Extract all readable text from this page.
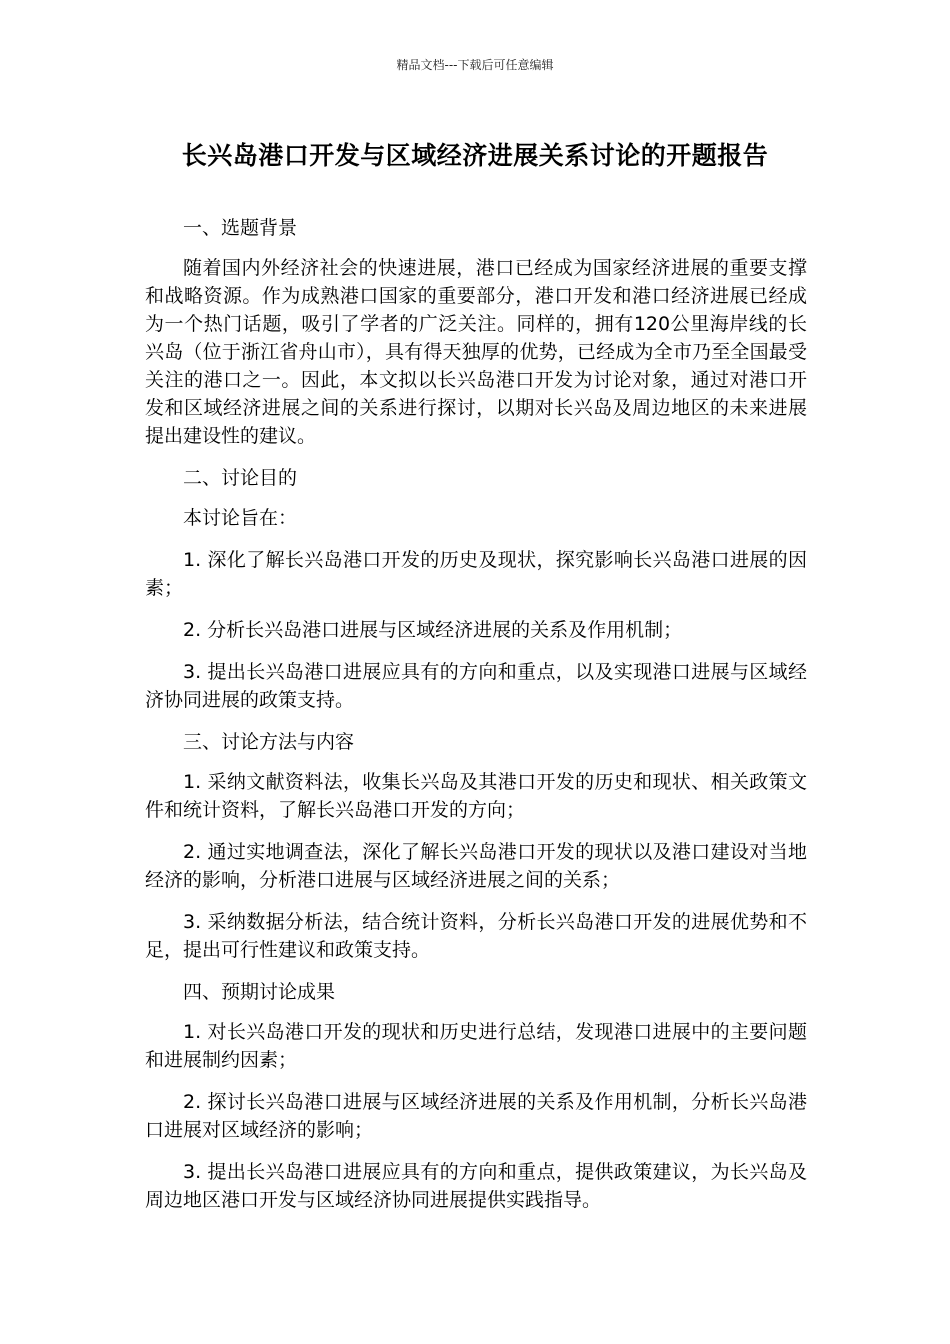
精品文档---下载后可任意编辑
长兴岛港口开发与区域经济进展关系讨论的开题报告

一、选题背景

随着国内外经济社会的快速进展，港口已经成为国家经济进展的重要支撑和战略资源。作为成熟港口国家的重要部分，港口开发和港口经济进展已经成为一个热门话题，吸引了学者的广泛关注。同样的，拥有120公里海岸线的长兴岛（位于浙江省舟山市），具有得天独厚的优势，已经成为全市乃至全国最受关注的港口之一。因此，本文拟以长兴岛港口开发为讨论对象，通过对港口开发和区域经济进展之间的关系进行探讨，以期对长兴岛及周边地区的未来进展提出建设性的建议。

二、讨论目的

本讨论旨在：

1. 深化了解长兴岛港口开发的历史及现状，探究影响长兴岛港口进展的因素；

2. 分析长兴岛港口进展与区域经济进展的关系及作用机制；

3. 提出长兴岛港口进展应具有的方向和重点，以及实现港口进展与区域经济协同进展的政策支持。

三、讨论方法与内容

1. 采纳文献资料法，收集长兴岛及其港口开发的历史和现状、相关政策文件和统计资料，了解长兴岛港口开发的方向；

2. 通过实地调查法，深化了解长兴岛港口开发的现状以及港口建设对当地经济的影响，分析港口进展与区域经济进展之间的关系；

3. 采纳数据分析法，结合统计资料，分析长兴岛港口开发的进展优势和不足，提出可行性建议和政策支持。

四、预期讨论成果

1. 对长兴岛港口开发的现状和历史进行总结，发现港口进展中的主要问题和进展制约因素；

2. 探讨长兴岛港口进展与区域经济进展的关系及作用机制，分析长兴岛港口进展对区域经济的影响；

3. 提出长兴岛港口进展应具有的方向和重点，提供政策建议，为长兴岛及周边地区港口开发与区域经济协同进展提供实践指导。
